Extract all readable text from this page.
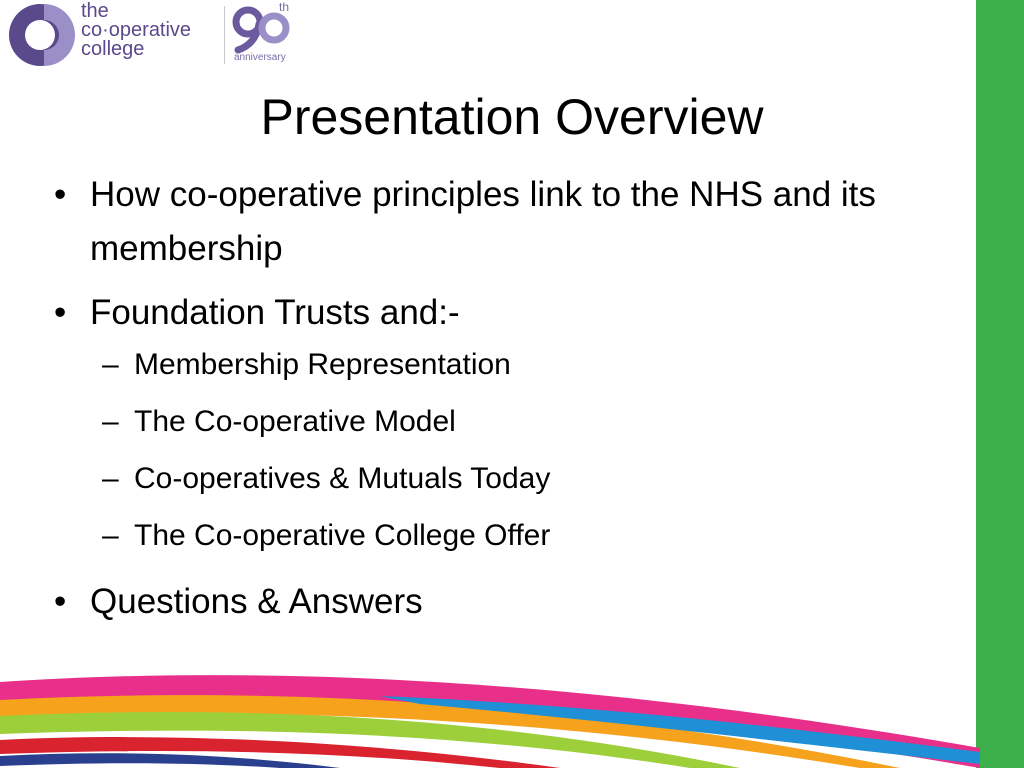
the
co·operative
college
th
anniversary
Presentation Overview
• How co-operative principles link to the NHS and its membership
• Foundation Trusts and:-
– Membership Representation
– The Co-operative Model
– Co-operatives & Mutuals Today
– The Co-operative College Offer
• Questions & Answers
